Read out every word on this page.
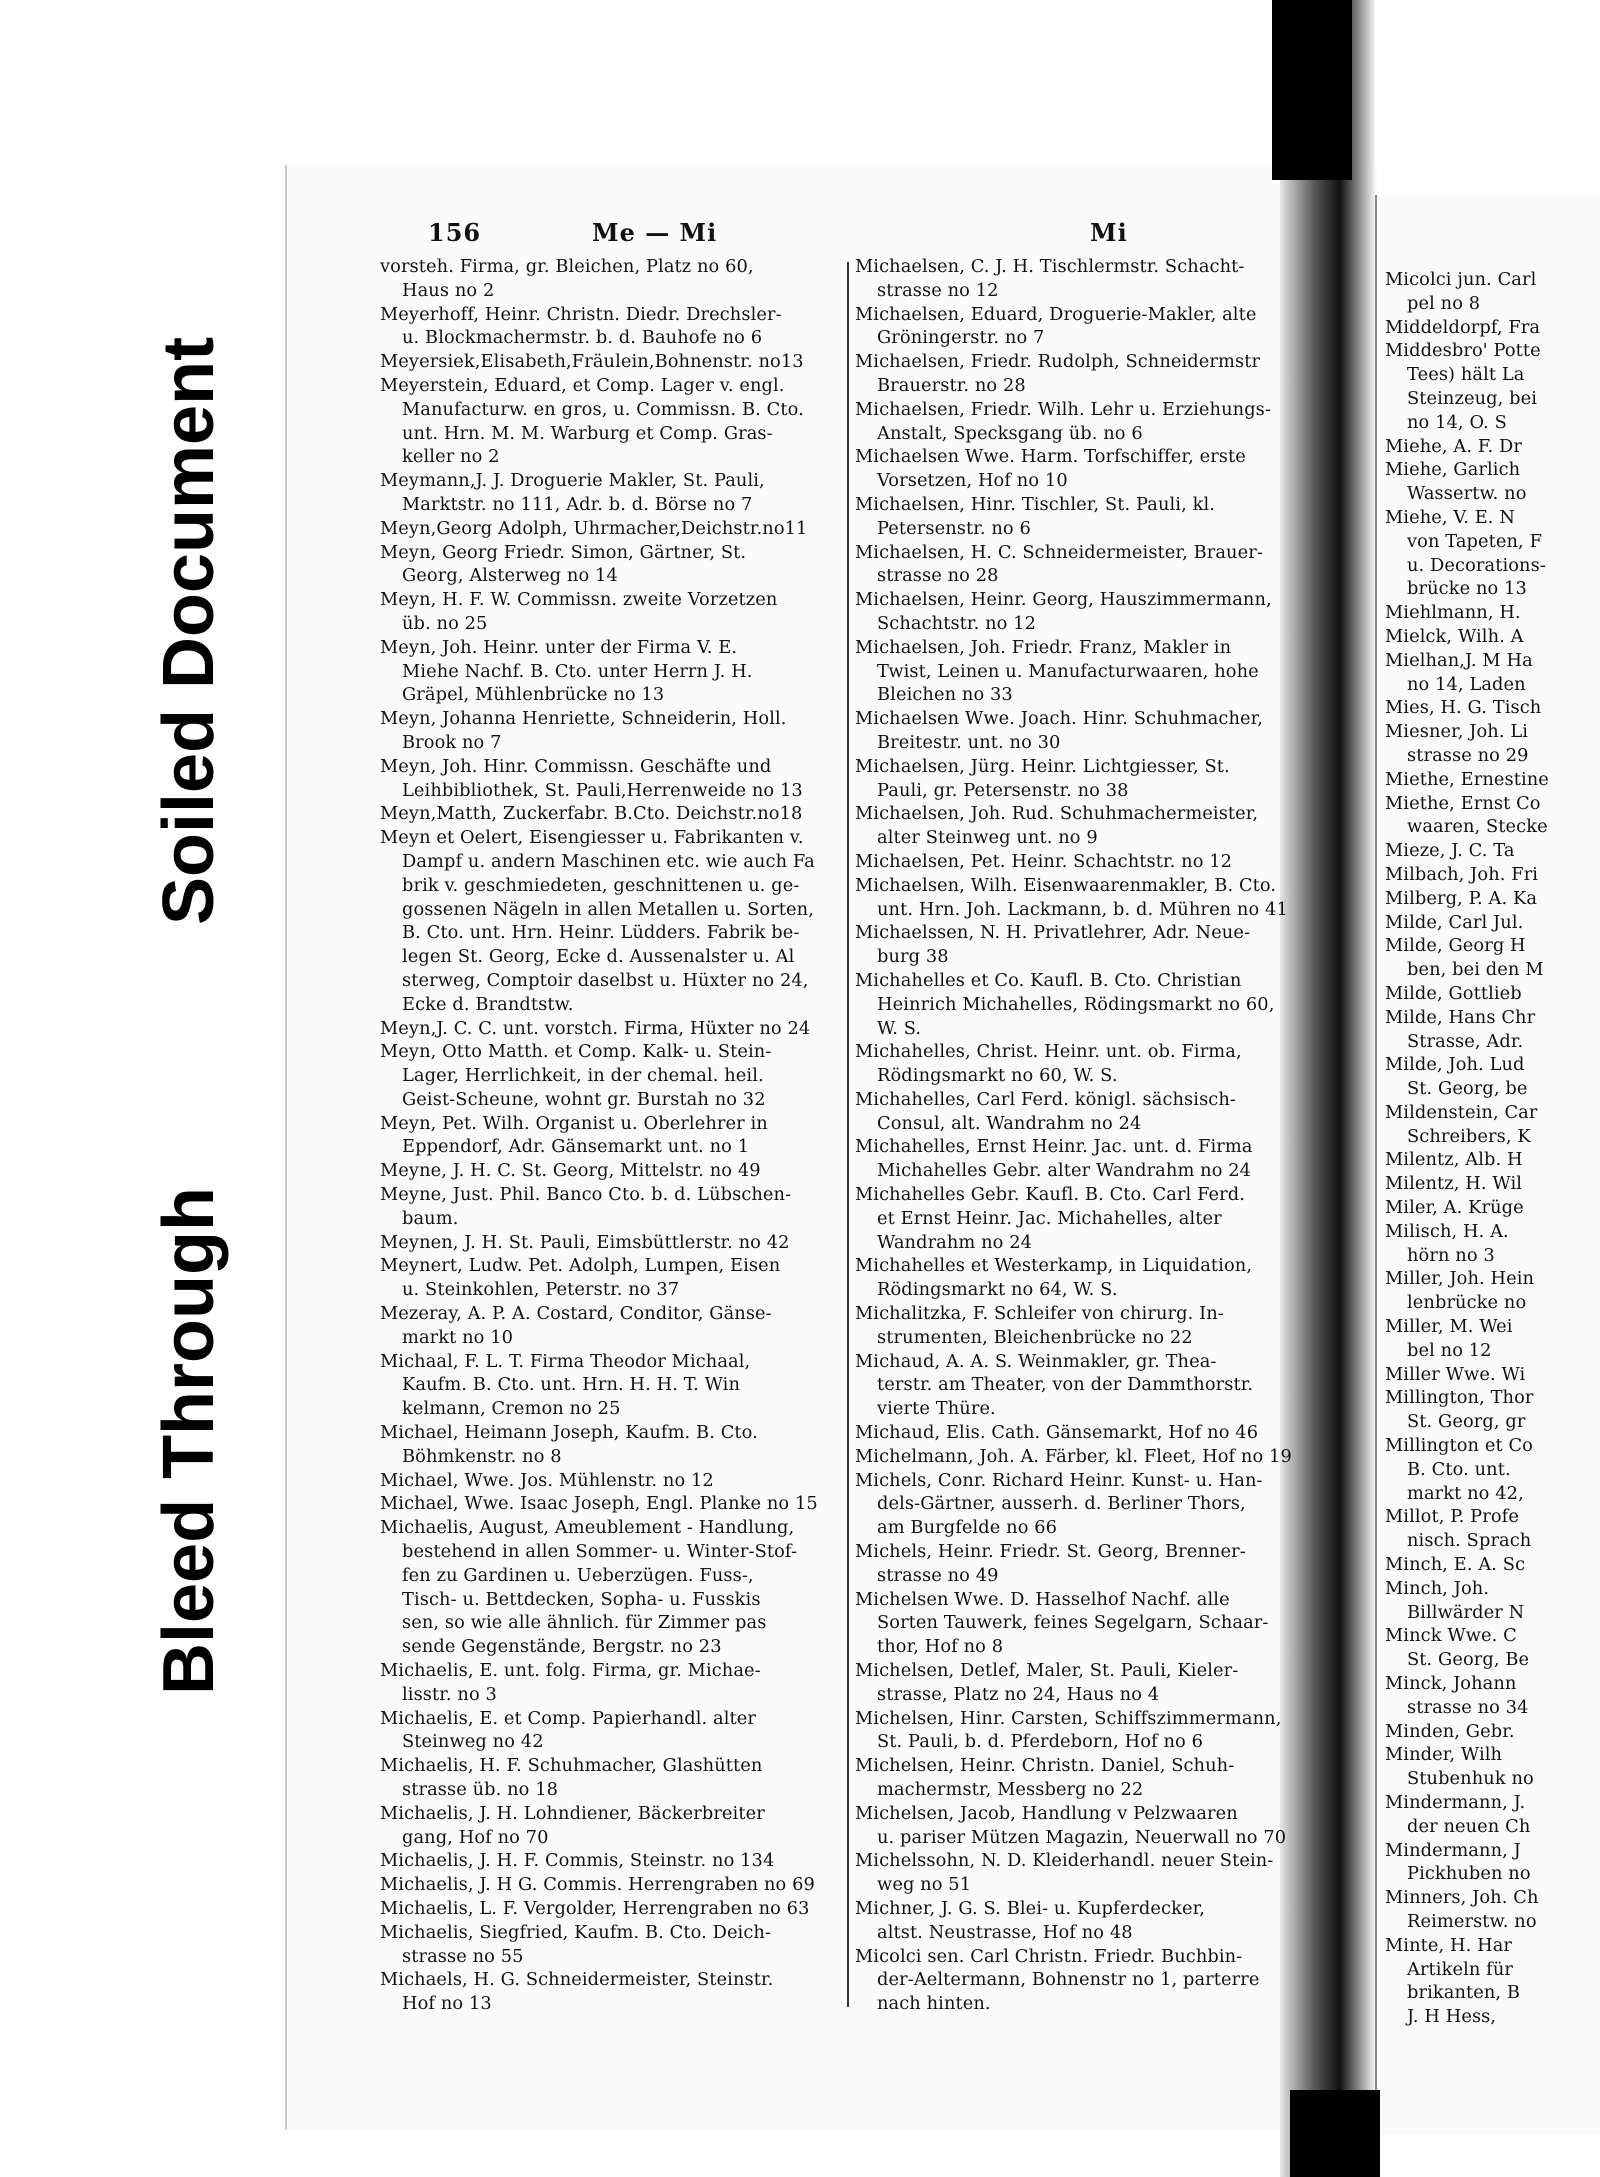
Soiled Document
Bleed Through
156	Me — Mi	Mi

vorsteh. Firma, gr. Bleichen, Platz no 60,
Haus no 2

Meyerhoff, Heinr. Christn. Diedr. Drechsler-
u. Blockmachermstr. b. d. Bauhofe no 6

Meyersiek,Elisabeth,Fräulein,Bohnenstr. no13

Meyerstein, Eduard, et Comp. Lager v. engl.
Manufacturw. en gros, u. Commissn. B. Cto.
unt. Hrn. M. M. Warburg et Comp. Gras-
keller no 2

Meymann,J. J. Droguerie Makler, St. Pauli,
Marktstr. no 111, Adr. b. d. Börse no 7

Meyn,Georg Adolph, Uhrmacher,Deichstr.no11

Meyn, Georg Friedr. Simon, Gärtner, St.
Georg, Alsterweg no 14

Meyn, H. F. W. Commissn. zweite Vorzetzen
üb. no 25

Meyn, Joh. Heinr. unter der Firma V. E.
Miehe Nachf. B. Cto. unter Herrn J. H.
Gräpel, Mühlenbrücke no 13

Meyn, Johanna Henriette, Schneiderin, Holl.
Brook no 7

Meyn, Joh. Hinr. Commissn. Geschäfte und
Leihbibliothek, St. Pauli,Herrenweide no 13

Meyn,Matth, Zuckerfabr. B.Cto. Deichstr.no18

Meyn et Oelert, Eisengiesser u. Fabrikanten v.
Dampf u. andern Maschinen etc. wie auch Fa
brik v. geschmiedeten, geschnittenen u. ge-
gossenen Nägeln in allen Metallen u. Sorten,
B. Cto. unt. Hrn. Heinr. Lüdders. Fabrik be-
legen St. Georg, Ecke d. Aussenalster u. Al
sterweg, Comptoir daselbst u. Hüxter no 24,
Ecke d. Brandtstw.

Meyn,J. C. C. unt. vorstch. Firma, Hüxter no 24

Meyn, Otto Matth. et Comp. Kalk- u. Stein-
Lager, Herrlichkeit, in der chemal. heil.
Geist-Scheune, wohnt gr. Burstah no 32

Meyn, Pet. Wilh. Organist u. Oberlehrer in
Eppendorf, Adr. Gänsemarkt unt. no 1

Meyne, J. H. C. St. Georg, Mittelstr. no 49

Meyne, Just. Phil. Banco Cto. b. d. Lübschen-
baum.

Meynen, J. H. St. Pauli, Eimsbüttlerstr. no 42

Meynert, Ludw. Pet. Adolph, Lumpen, Eisen
u. Steinkohlen, Peterstr. no 37

Mezeray, A. P. A. Costard, Conditor, Gänse-
markt no 10

Michaal, F. L. T. Firma Theodor Michaal,
Kaufm. B. Cto. unt. Hrn. H. H. T. Win
kelmann, Cremon no 25

Michael, Heimann Joseph, Kaufm. B. Cto.
Böhmkenstr. no 8

Michael, Wwe. Jos. Mühlenstr. no 12

Michael, Wwe. Isaac Joseph, Engl. Planke no 15

Michaelis, August, Ameublement - Handlung,
bestehend in allen Sommer- u. Winter-Stof-
fen zu Gardinen u. Ueberzügen. Fuss-,
Tisch- u. Bettdecken, Sopha- u. Fusskis
sen, so wie alle ähnlich. für Zimmer pas
sende Gegenstände, Bergstr. no 23

Michaelis, E. unt. folg. Firma, gr. Michae-
lisstr. no 3

Michaelis, E. et Comp. Papierhandl. alter
Steinweg no 42

Michaelis, H. F. Schuhmacher, Glashütten
strasse üb. no 18

Michaelis, J. H. Lohndiener, Bäckerbreiter
gang, Hof no 70

Michaelis, J. H. F. Commis, Steinstr. no 134

Michaelis, J. H G. Commis. Herrengraben no 69

Michaelis, L. F. Vergolder, Herrengraben no 63

Michaelis, Siegfried, Kaufm. B. Cto. Deich-
strasse no 55

Michaels, H. G. Schneidermeister, Steinstr.
Hof no 13

Michaelsen, C. J. H. Tischlermstr. Schacht-
strasse no 12

Michaelsen, Eduard, Droguerie-Makler, alte
Gröningerstr. no 7

Michaelsen, Friedr. Rudolph, Schneidermstr
Brauerstr. no 28

Michaelsen, Friedr. Wilh. Lehr u. Erziehungs-
Anstalt, Specksgang üb. no 6

Michaelsen Wwe. Harm. Torfschiffer, erste
Vorsetzen, Hof no 10

Michaelsen, Hinr. Tischler, St. Pauli, kl.
Petersenstr. no 6

Michaelsen, H. C. Schneidermeister, Brauer-
strasse no 28

Michaelsen, Heinr. Georg, Hauszimmermann,
Schachtstr. no 12

Michaelsen, Joh. Friedr. Franz, Makler in
Twist, Leinen u. Manufacturwaaren, hohe
Bleichen no 33

Michaelsen Wwe. Joach. Hinr. Schuhmacher,
Breitestr. unt. no 30

Michaelsen, Jürg. Heinr. Lichtgiesser, St.
Pauli, gr. Petersenstr. no 38

Michaelsen, Joh. Rud. Schuhmachermeister,
alter Steinweg unt. no 9

Michaelsen, Pet. Heinr. Schachtstr. no 12

Michaelsen, Wilh. Eisenwaarenmakler, B. Cto.
unt. Hrn. Joh. Lackmann, b. d. Mühren no 41

Michaelssen, N. H. Privatlehrer, Adr. Neue-
burg 38

Michahelles et Co. Kaufl. B. Cto. Christian
Heinrich Michahelles, Rödingsmarkt no 60,
W. S.

Michahelles, Christ. Heinr. unt. ob. Firma,
Rödingsmarkt no 60, W. S.

Michahelles, Carl Ferd. königl. sächsisch-
Consul, alt. Wandrahm no 24

Michahelles, Ernst Heinr. Jac. unt. d. Firma
Michahelles Gebr. alter Wandrahm no 24

Michahelles Gebr. Kaufl. B. Cto. Carl Ferd.
et Ernst Heinr. Jac. Michahelles, alter
Wandrahm no 24

Michahelles et Westerkamp, in Liquidation,
Rödingsmarkt no 64, W. S.

Michalitzka, F. Schleifer von chirurg. In-
strumenten, Bleichenbrücke no 22

Michaud, A. A. S. Weinmakler, gr. Thea-
terstr. am Theater, von der Dammthorstr.
vierte Thüre.

Michaud, Elis. Cath. Gänsemarkt, Hof no 46

Michelmann, Joh. A. Färber, kl. Fleet, Hof no 19

Michels, Conr. Richard Heinr. Kunst- u. Han-
dels-Gärtner, ausserh. d. Berliner Thors,
am Burgfelde no 66

Michels, Heinr. Friedr. St. Georg, Brenner-
strasse no 49

Michelsen Wwe. D. Hasselhof Nachf. alle
Sorten Tauwerk, feines Segelgarn, Schaar-
thor, Hof no 8

Michelsen, Detlef, Maler, St. Pauli, Kieler-
strasse, Platz no 24, Haus no 4

Michelsen, Hinr. Carsten, Schiffszimmermann,
St. Pauli, b. d. Pferdeborn, Hof no 6

Michelsen, Heinr. Christn. Daniel, Schuh-
machermstr, Messberg no 22

Michelsen, Jacob, Handlung v Pelzwaaren
u. pariser Mützen Magazin, Neuerwall no 70

Michelssohn, N. D. Kleiderhandl. neuer Stein-
weg no 51

Michner, J. G. S. Blei- u. Kupferdecker,
altst. Neustrasse, Hof no 48

Micolci sen. Carl Christn. Friedr. Buchbin-
der-Aeltermann, Bohnenstr no 1, parterre
nach hinten.

Micolci jun. Carl
pel no 8

Middeldorpf, Fra

Middesbro' Potte
Tees) hält La
Steinzeug, bei
no 14, O. S

Miehe, A. F. Dr

Miehe, Garlich
Wassertw. no

Miehe, V. E. N
von Tapeten, F
u. Decorations-
brücke no 13

Miehlmann, H.

Mielck, Wilh. A

Mielhan,J. M Ha
no 14, Laden

Mies, H. G. Tisch

Miesner, Joh. Li
strasse no 29

Miethe, Ernestine

Miethe, Ernst Co
waaren, Stecke

Mieze, J. C. Ta

Milbach, Joh. Fri

Milberg, P. A. Ka

Milde, Carl Jul.

Milde, Georg H
ben, bei den M

Milde, Gottlieb

Milde, Hans Chr
Strasse, Adr.

Milde, Joh. Lud
St. Georg, be

Mildenstein, Car
Schreibers, K

Milentz, Alb. H

Milentz, H. Wil

Miler, A. Krüge

Milisch, H. A.
hörn no 3

Miller, Joh. Hein
lenbrücke no

Miller, M. Wei
bel no 12

Miller Wwe. Wi

Millington, Thor
St. Georg, gr

Millington et Co
B. Cto. unt.
markt no 42,

Millot, P. Profe
nisch. Sprach

Minch, E. A. Sc

Minch, Joh.
Billwärder N

Minck Wwe. C
St. Georg, Be

Minck, Johann
strasse no 34

Minden, Gebr.

Minder, Wilh
Stubenhuk no

Mindermann, J.
der neuen Ch

Mindermann, J
Pickhuben no

Minners, Joh. Ch
Reimerstw. no

Minte, H. Har
Artikeln für
brikanten, B
J. H Hess,
